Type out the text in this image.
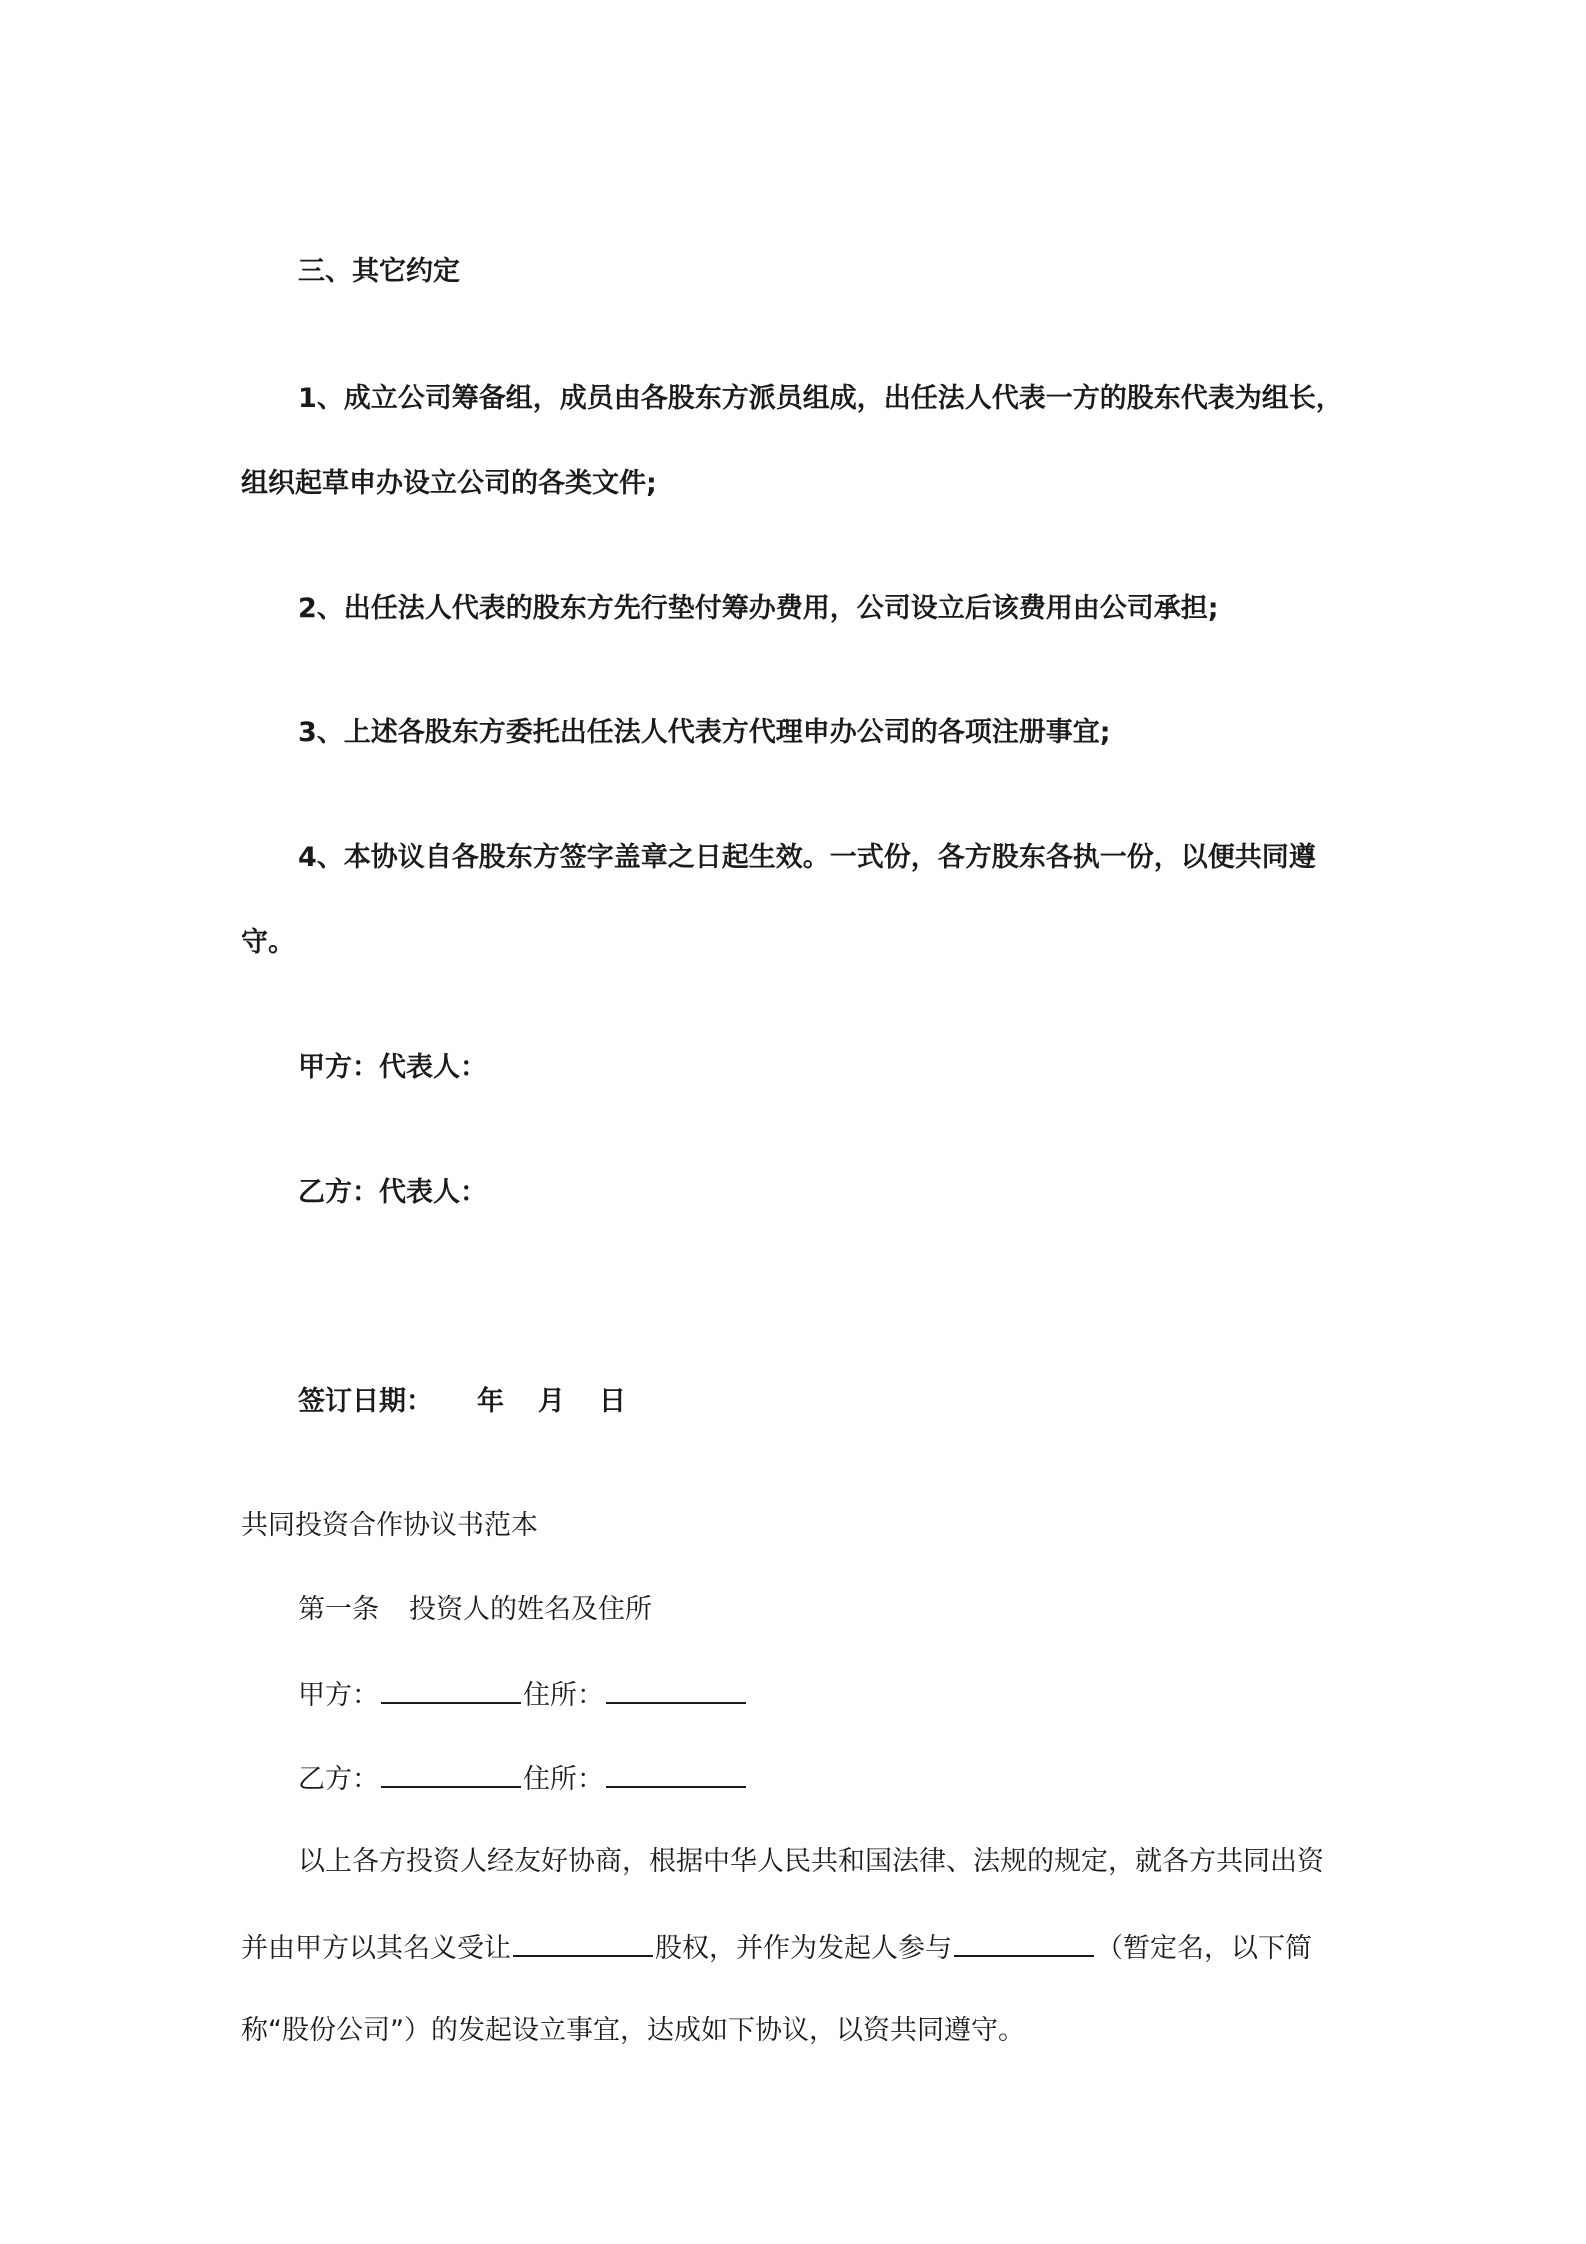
三、其它约定
1、成立公司筹备组，成员由各股东方派员组成，出任法人代表一方的股东代表为组长，
组织起草申办设立公司的各类文件;
2、出任法人代表的股东方先行垫付筹办费用，公司设立后该费用由公司承担;
3、上述各股东方委托出任法人代表方代理申办公司的各项注册事宜;
4、本协议自各股东方签字盖章之日起生效。一式份，各方股东各执一份，以便共同遵
守。
甲方：代表人：
乙方：代表人：
签订日期： 年 月 日
共同投资合作协议书范本
第一条 投资人的姓名及住所
甲方：	住所：
乙方：	住所：
以上各方投资人经友好协商，根据中华人民共和国法律、法规的规定，就各方共同出资
并由甲方以其名义受让	股权，并作为发起人参与	（暂定名，以下简
称“股份公司”）的发起设立事宜，达成如下协议，以资共同遵守。
